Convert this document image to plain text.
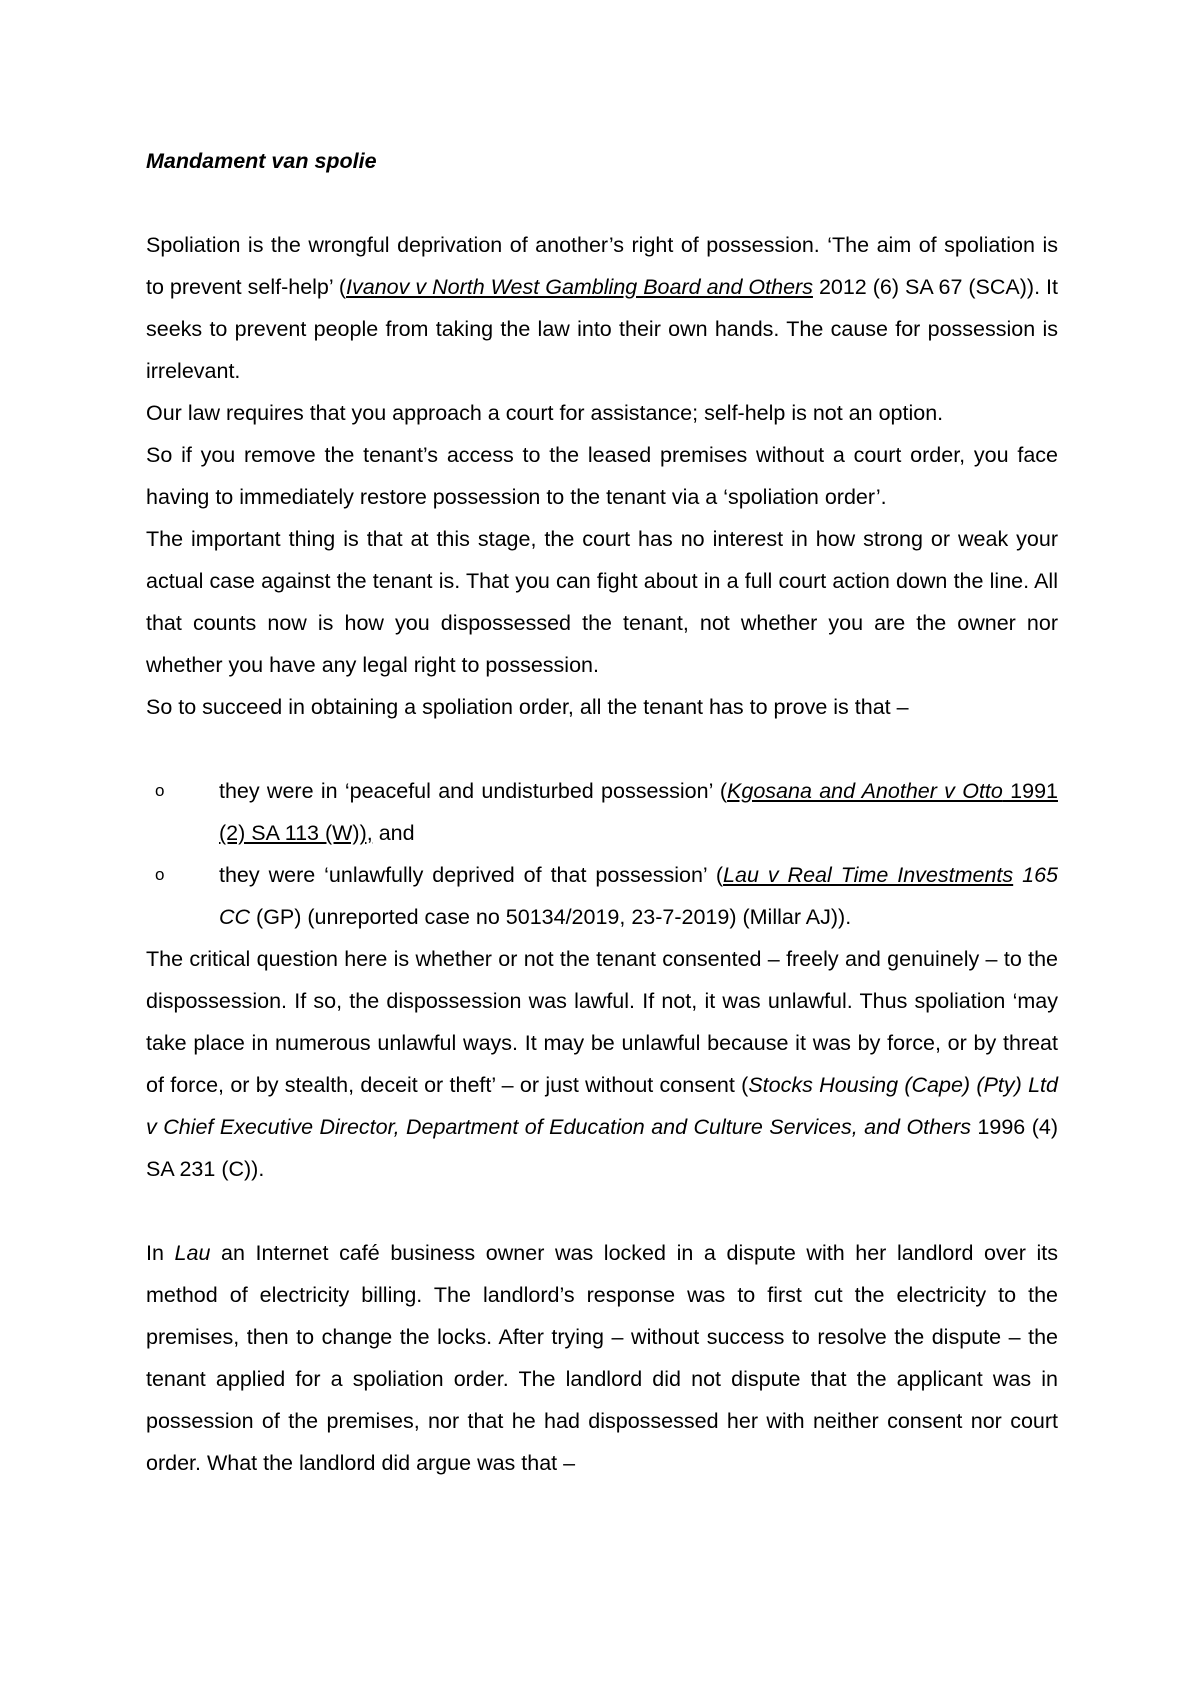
Mandament van spolie

Spoliation is the wrongful deprivation of another’s right of possession. ‘The aim of spoliation is to prevent self-help’ (Ivanov v North West Gambling Board and Others 2012 (6) SA 67 (SCA)). It seeks to prevent people from taking the law into their own hands. The cause for possession is irrelevant.

Our law requires that you approach a court for assistance; self-help is not an option.

So if you remove the tenant’s access to the leased premises without a court order, you face having to immediately restore possession to the tenant via a ‘spoliation order’.

The important thing is that at this stage, the court has no interest in how strong or weak your actual case against the tenant is. That you can fight about in a full court action down the line. All that counts now is how you dispossessed the tenant, not whether you are the owner nor whether you have any legal right to possession.

So to succeed in obtaining a spoliation order, all the tenant has to prove is that –

o	they were in ‘peaceful and undisturbed possession’ (Kgosana and Another v Otto 1991 (2) SA 113 (W)), and
o	they were ‘unlawfully deprived of that possession’ (Lau v Real Time Investments 165 CC (GP) (unreported case no 50134/2019, 23-7-2019) (Millar AJ)).

The critical question here is whether or not the tenant consented – freely and genuinely – to the dispossession. If so, the dispossession was lawful. If not, it was unlawful. Thus spoliation ‘may take place in numerous unlawful ways. It may be unlawful because it was by force, or by threat of force, or by stealth, deceit or theft’ – or just without consent (Stocks Housing (Cape) (Pty) Ltd v Chief Executive Director, Department of Education and Culture Services, and Others 1996 (4) SA 231 (C)).

In Lau an Internet café business owner was locked in a dispute with her landlord over its method of electricity billing. The landlord’s response was to first cut the electricity to the premises, then to change the locks. After trying – without success to resolve the dispute – the tenant applied for a spoliation order. The landlord did not dispute that the applicant was in possession of the premises, nor that he had dispossessed her with neither consent nor court order. What the landlord did argue was that –
